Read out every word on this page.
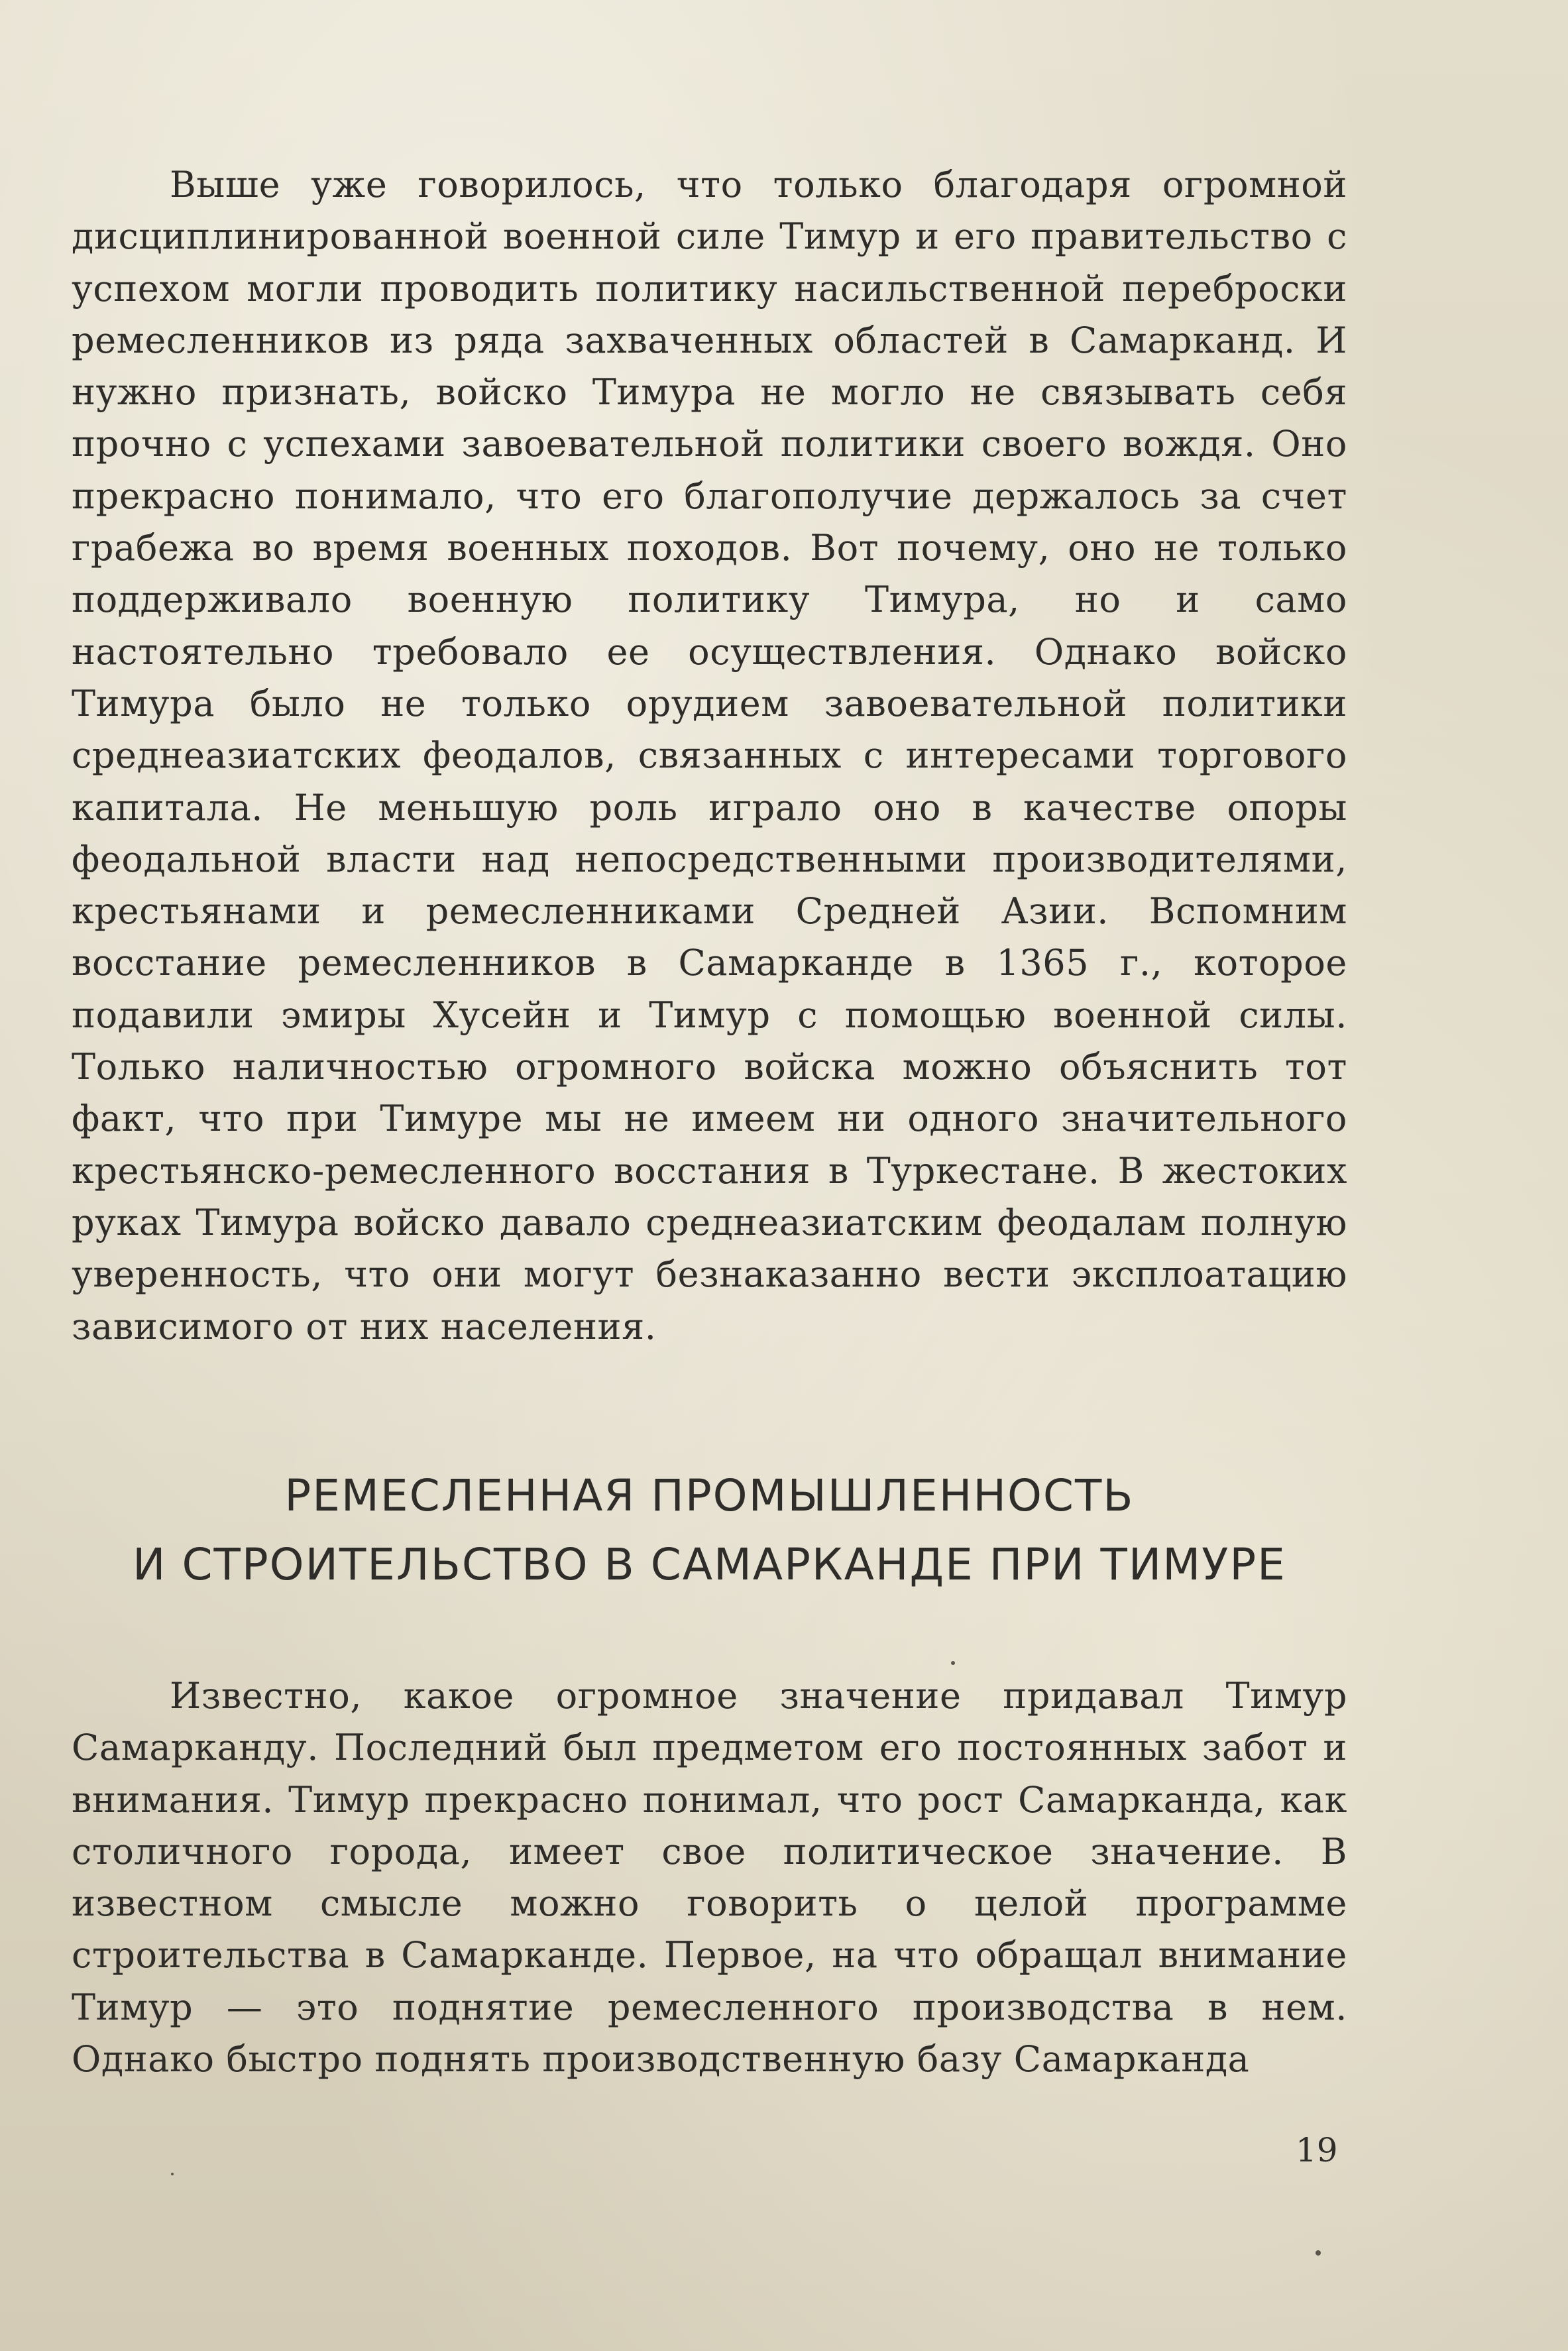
Выше уже говорилось, что только благодаря огромной дисциплинированной военной силе Тимур и его правительство с успехом могли проводить политику насильственной переброски ремесленников из ряда захваченных областей в Самарканд. И нужно признать, войско Тимура не могло не связывать себя прочно с успехами завоевательной политики своего вождя. Оно прекрасно понимало, что его благополучие держалось за счет грабежа во время военных походов. Вот почему, оно не только поддерживало военную политику Тимура, но и само настоятельно требовало ее осуществления. Однако войско Тимура было не только орудием завоевательной политики среднеазиатских феодалов, связанных с интересами торгового капитала. Не меньшую роль играло оно в качестве опоры феодальной власти над непосредственными производителями, крестьянами и ремесленниками Средней Азии. Вспомним восстание ремесленников в Самарканде в 1365 г., которое подавили эмиры Хусейн и Тимур с помощью военной силы. Только наличностью огромного войска можно объяснить тот факт, что при Тимуре мы не имеем ни одного значительного крестьянско-ремесленного восстания в Туркестане. В жестоких руках Тимура войско давало среднеазиатским феодалам полную уверенность, что они могут безнаказанно вести эксплоатацию зависимого от них населения.

РЕМЕСЛЕННАЯ ПРОМЫШЛЕННОСТЬ
И СТРОИТЕЛЬСТВО В САМАРКАНДЕ ПРИ ТИМУРЕ

Известно, какое огромное значение придавал Тимур Самарканду. Последний был предметом его постоянных забот и внимания. Тимур прекрасно понимал, что рост Самарканда, как столичного города, имеет свое политическое значение. В известном смысле можно говорить о целой программе строительства в Самарканде. Первое, на что обращал внимание Тимур — это поднятие ремесленного производства в нем. Однако быстро поднять производственную базу Самарканда

19
